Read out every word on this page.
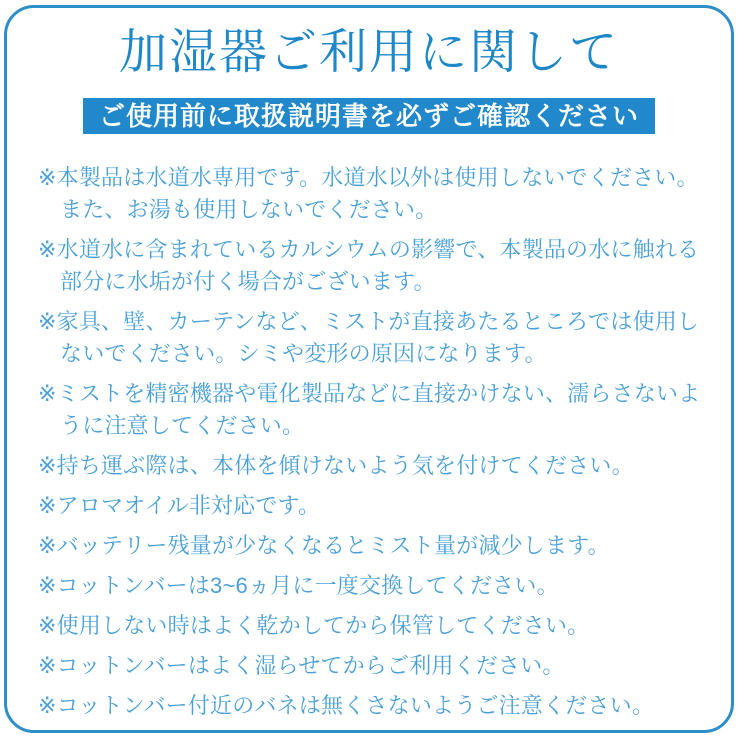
加湿器ご利用に関して
ご使用前に取扱説明書を必ずご確認ください

※本製品は水道水専用です。水道水以外は使用しないでください。また、お湯も使用しないでください。

※水道水に含まれているカルシウムの影響で、本製品の水に触れる部分に水垢が付く場合がございます。

※家具、壁、カーテンなど、ミストが直接あたるところでは使用しないでください。シミや変形の原因になります。

※ミストを精密機器や電化製品などに直接かけない、濡らさないように注意してください。

※持ち運ぶ際は、本体を傾けないよう気を付けてください。

※アロマオイル非対応です。

※バッテリー残量が少なくなるとミスト量が減少します。

※コットンバーは3~6ヵ月に一度交換してください。

※使用しない時はよく乾かしてから保管してください。

※コットンバーはよく湿らせてからご利用ください。

※コットンバー付近のバネは無くさないようご注意ください。
